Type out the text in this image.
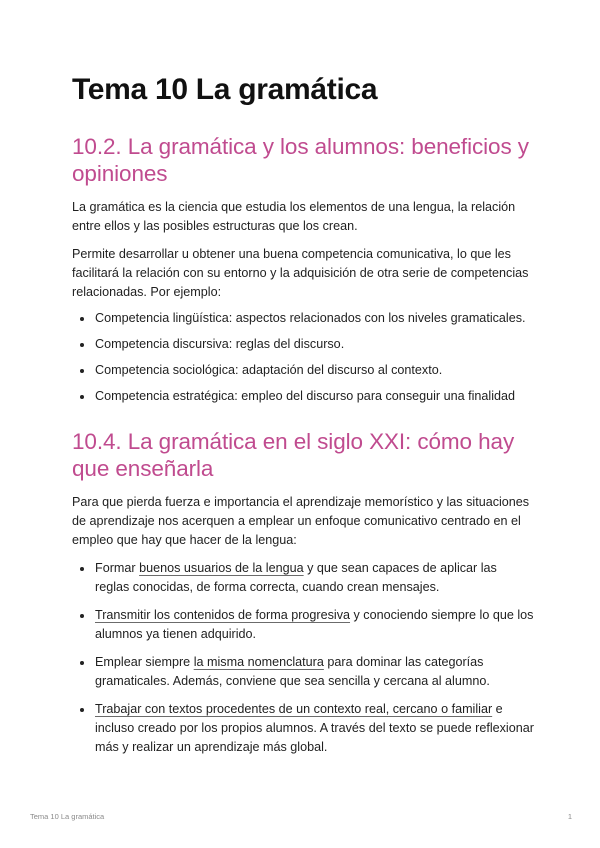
Tema 10 La gramática
10.2. La gramática y los alumnos: beneficios y opiniones

La gramática es la ciencia que estudia los elementos de una lengua, la relación entre ellos y las posibles estructuras que los crean.

Permite desarrollar u obtener una buena competencia comunicativa, lo que les facilitará la relación con su entorno y la adquisición de otra serie de competencias relacionadas. Por ejemplo:

Competencia lingüística: aspectos relacionados con los niveles gramaticales.
Competencia discursiva: reglas del discurso.
Competencia sociológica: adaptación del discurso al contexto.
Competencia estratégica: empleo del discurso para conseguir una finalidad
10.4. La gramática en el siglo XXI: cómo hay que enseñarla

Para que pierda fuerza e importancia el aprendizaje memorístico y las situaciones de aprendizaje nos acerquen a emplear un enfoque comunicativo centrado en el empleo que hay que hacer de la lengua:

Formar buenos usuarios de la lengua y que sean capaces de aplicar las reglas conocidas, de forma correcta, cuando crean mensajes.
Transmitir los contenidos de forma progresiva y conociendo siempre lo que los alumnos ya tienen adquirido.
Emplear siempre la misma nomenclatura para dominar las categorías gramaticales. Además, conviene que sea sencilla y cercana al alumno.
Trabajar con textos procedentes de un contexto real, cercano o familiar e incluso creado por los propios alumnos. A través del texto se puede reflexionar más y realizar un aprendizaje más global.
Tema 10 La gramática	1
